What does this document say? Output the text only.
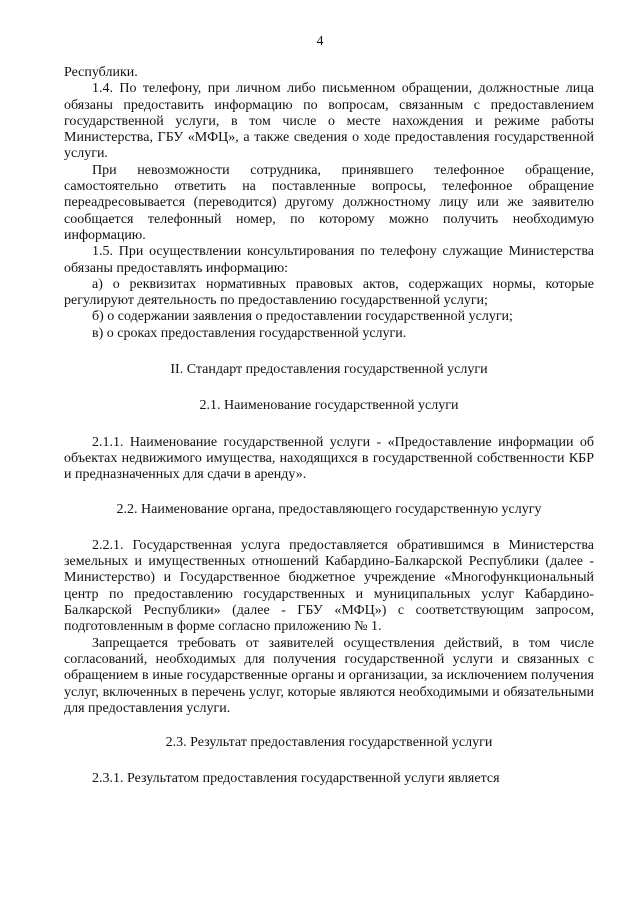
4

Республики.

1.4. По телефону, при личном либо письменном обращении, должностные лица обязаны предоставить информацию по вопросам, связанным с предоставлением государственной услуги, в том числе о месте нахождения и режиме работы Министерства, ГБУ «МФЦ», а также сведения о ходе предоставления государственной услуги.

При невозможности сотрудника, принявшего телефонное обращение, самостоятельно ответить на поставленные вопросы, телефонное обращение переадресовывается (переводится) другому должностному лицу или же заявителю сообщается телефонный номер, по которому можно получить необходимую информацию.

1.5. При осуществлении консультирования по телефону служащие Министерства обязаны предоставлять информацию:

а) о реквизитах нормативных правовых актов, содержащих нормы, которые регулируют деятельность по предоставлению государственной услуги;

б) о содержании заявления о предоставлении государственной услуги;

в) о сроках предоставления государственной услуги.

II. Стандарт предоставления государственной услуги

2.1. Наименование государственной услуги

2.1.1. Наименование государственной услуги - «Предоставление информации об объектах недвижимого имущества, находящихся в государственной собственности КБР и предназначенных для сдачи в аренду».

2.2. Наименование органа, предоставляющего государственную услугу

2.2.1. Государственная услуга предоставляется обратившимся в Министерства земельных и имущественных отношений Кабардино-Балкарской Республики (далее - Министерство) и Государственное бюджетное учреждение «Многофункциональный центр по предоставлению государственных и муниципальных услуг Кабардино-Балкарской Республики» (далее - ГБУ «МФЦ») с соответствующим запросом, подготовленным в форме согласно приложению № 1.

Запрещается требовать от заявителей осуществления действий, в том числе согласований, необходимых для получения государственной услуги и связанных с обращением в иные государственные органы и организации, за исключением получения услуг, включенных в перечень услуг, которые являются необходимыми и обязательными для предоставления услуги.

2.3. Результат предоставления государственной услуги

2.3.1. Результатом предоставления государственной услуги является
